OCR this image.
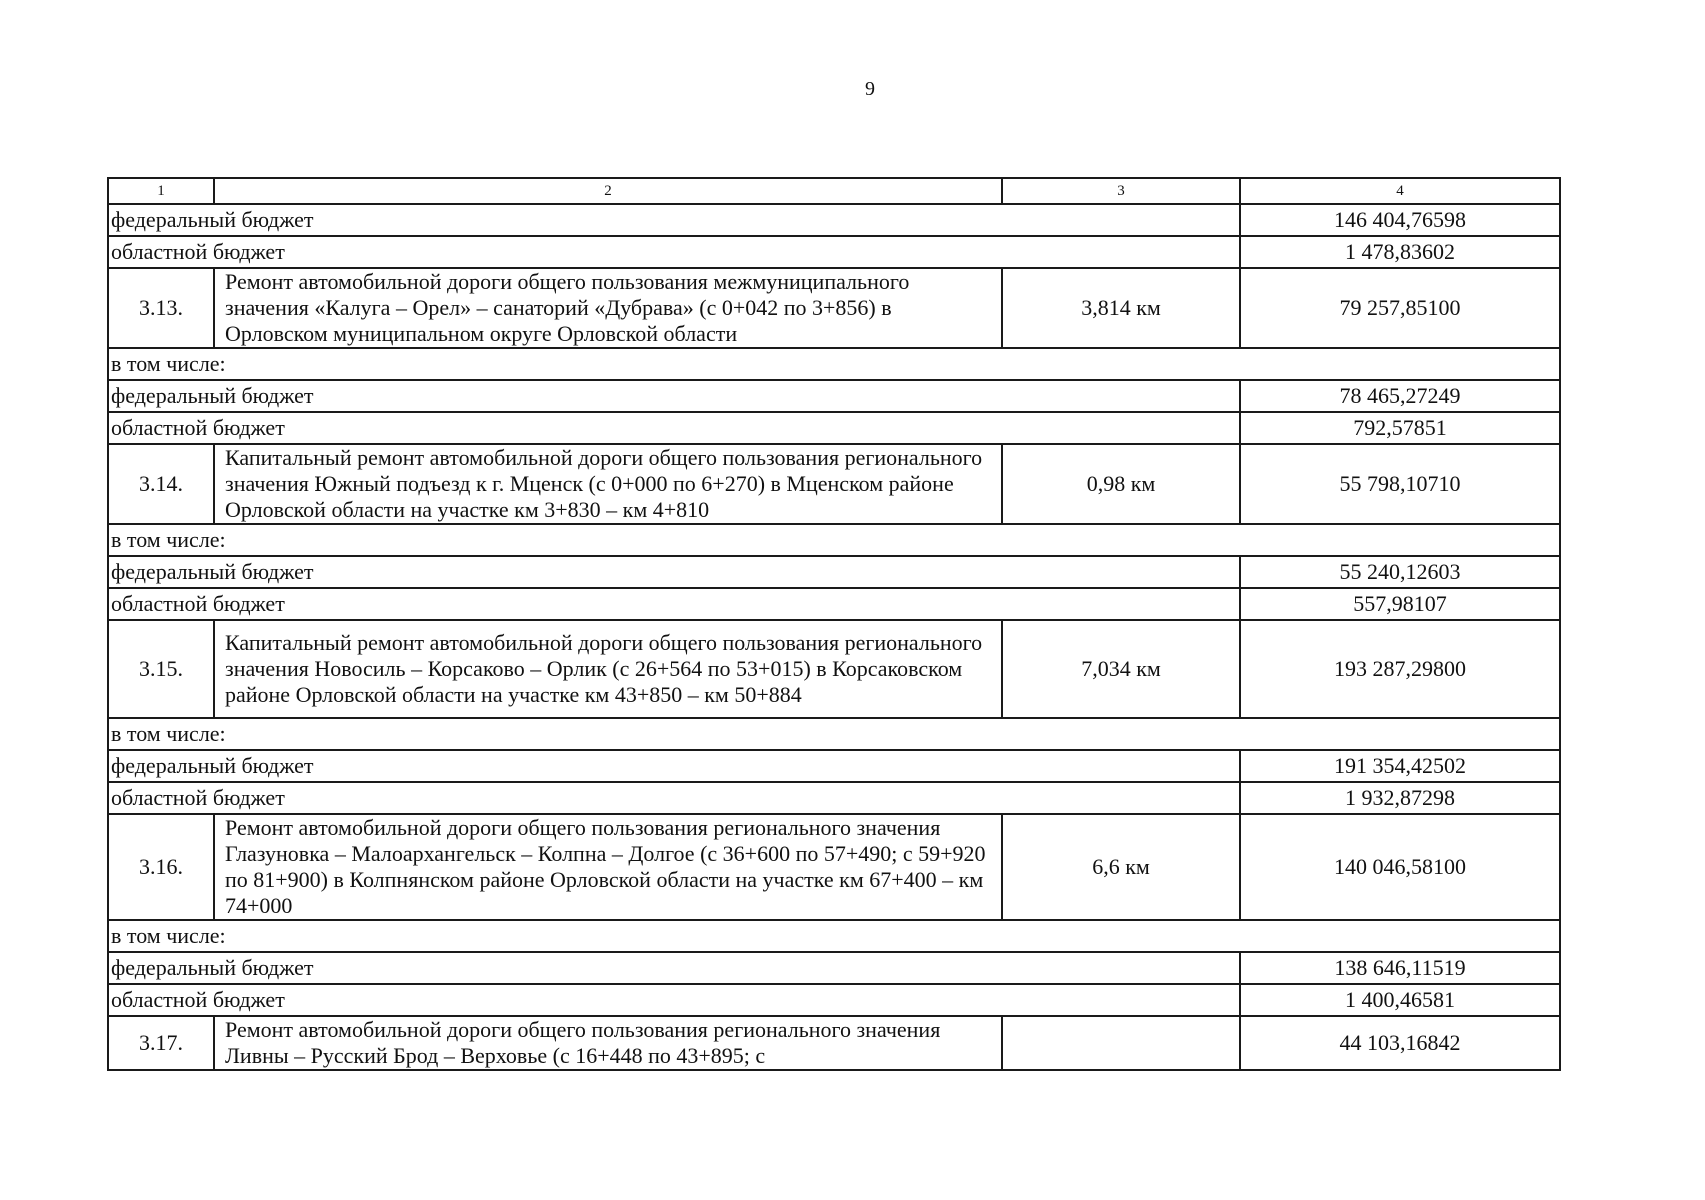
9
1	2	3	4
федеральный бюджет			146 404,76598
областной бюджет			1 478,83602
3.13.	Ремонт автомобильной дороги общего пользования межмуниципального значения «Калуга – Орел» – санаторий «Дубрава» (с 0+042 по 3+856) в Орловском муниципальном округе Орловской области	3,814 км	79 257,85100
в том числе:			
федеральный бюджет			78 465,27249
областной бюджет			792,57851
3.14.	Капитальный ремонт автомобильной дороги общего пользования регионального значения Южный подъезд к г. Мценск (с 0+000 по 6+270) в Мценском районе Орловской области на участке км 3+830 – км 4+810	0,98 км	55 798,10710
в том числе:			
федеральный бюджет			55 240,12603
областной бюджет			557,98107
3.15.	Капитальный ремонт автомобильной дороги общего пользования регионального значения Новосиль – Корсаково – Орлик (с 26+564 по 53+015) в Корсаковском районе Орловской области на участке км 43+850 – км 50+884	7,034 км	193 287,29800
в том числе:			
федеральный бюджет			191 354,42502
областной бюджет			1 932,87298
3.16.	Ремонт автомобильной дороги общего пользования регионального значения Глазуновка – Малоархангельск – Колпна – Долгое (с 36+600 по 57+490; с 59+920 по 81+900) в Колпнянском районе Орловской области на участке км 67+400 – км 74+000	6,6 км	140 046,58100
в том числе:			
федеральный бюджет			138 646,11519
областной бюджет			1 400,46581
3.17.	Ремонт автомобильной дороги общего пользования регионального значения Ливны – Русский Брод – Верховье (с 16+448 по 43+895; с		44 103,16842
